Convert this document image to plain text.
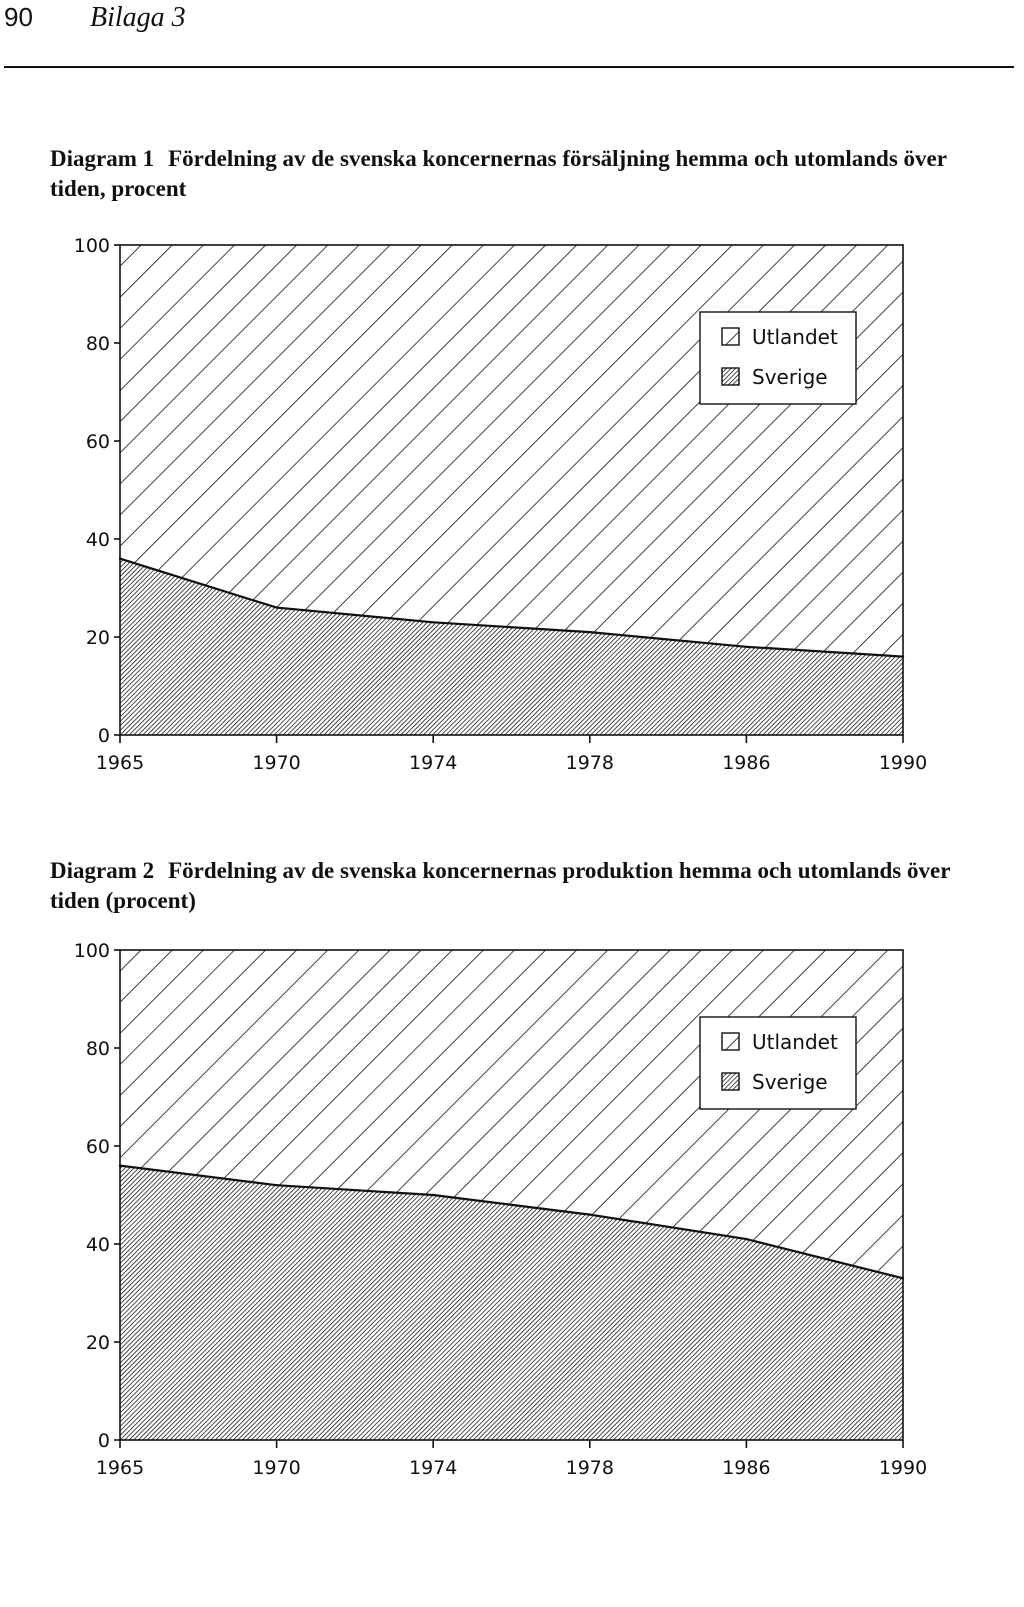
90 Bilaga 3
Diagram 1 Fördelning av de svenska koncernernas försäljning hemma och utomlands över tiden, procent
0
20
40
60
80
100
1965	1970	1974	1978	1986	1990
Utlandet
Sverige
Diagram 2 Fördelning av de svenska koncernernas produktion hemma och utomlands över tiden (procent)
0
20
40
60
80
100
1965	1970	1974	1978	1986	1990
Utlandet
Sverige
